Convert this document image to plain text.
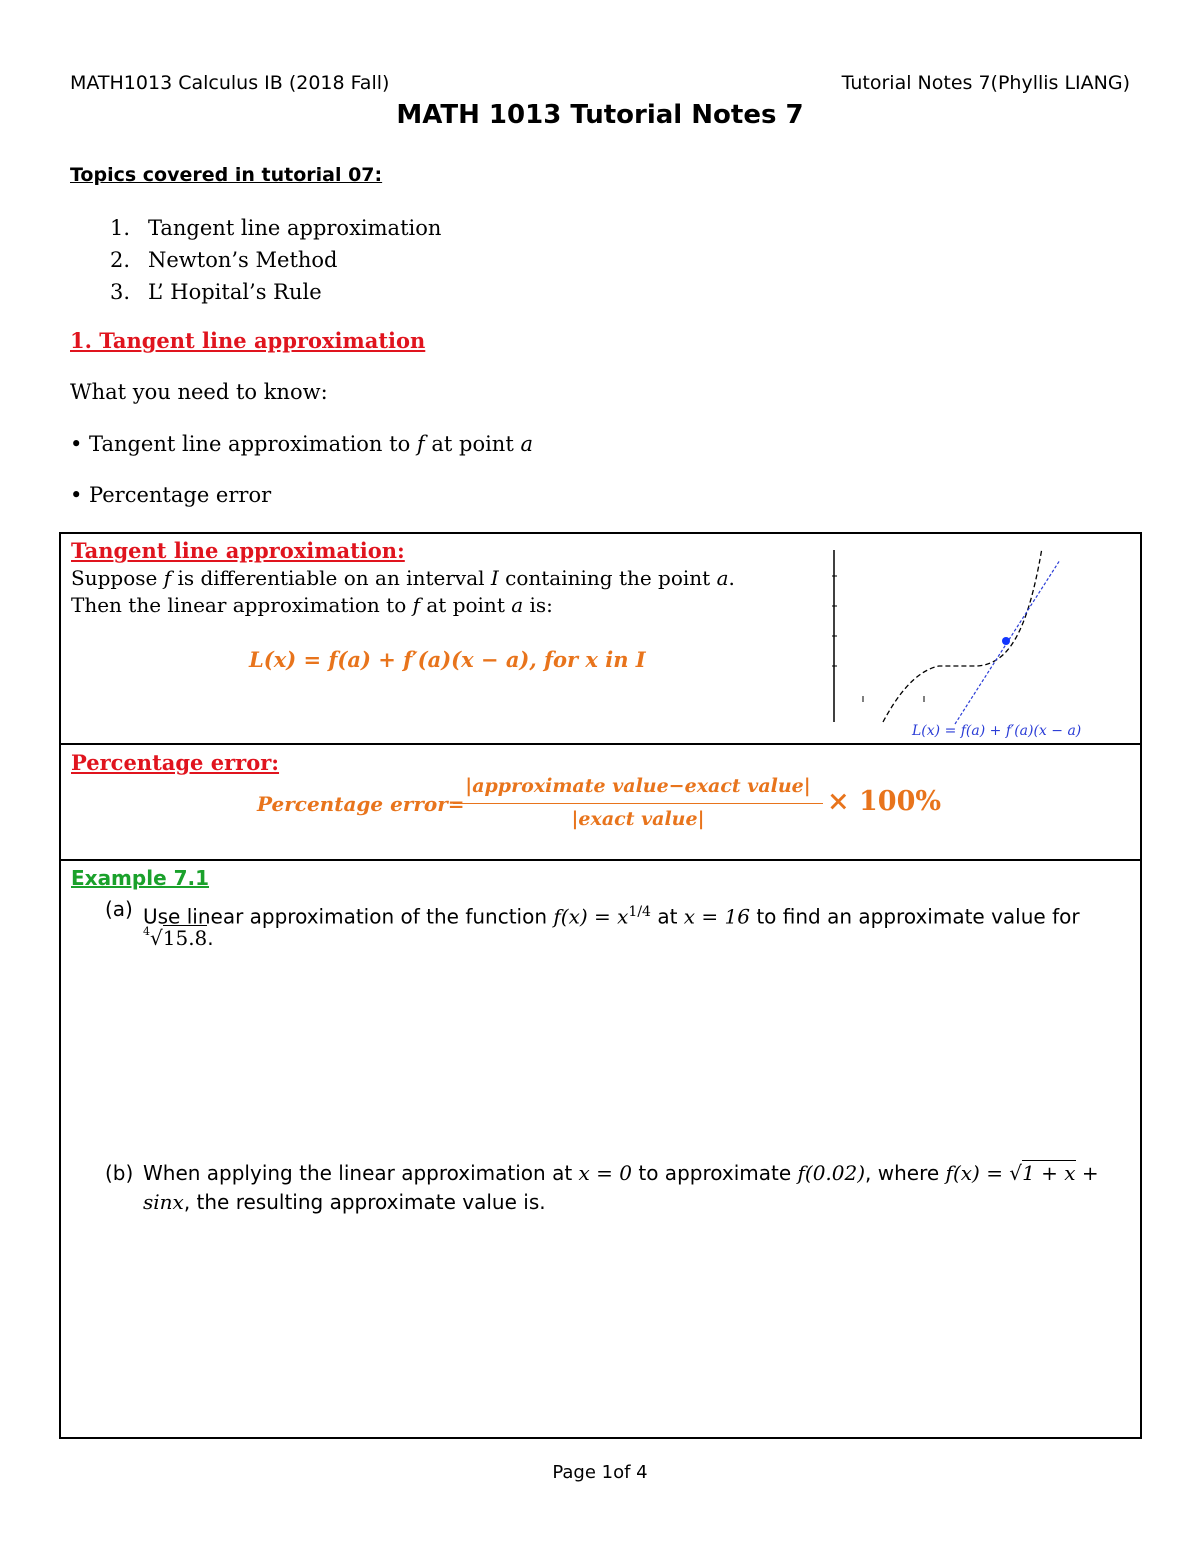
MATH1013 Calculus IB (2018 Fall)	Tutorial Notes 7(Phyllis LIANG)
MATH 1013 Tutorial Notes 7
Topics covered in tutorial 07:
1. Tangent line approximation
2. Newton’s Method
3. L’ Hopital’s Rule
1. Tangent line approximation
What you need to know:
• Tangent line approximation to f at point a
• Percentage error
Tangent line approximation:
Suppose f is differentiable on an interval I containing the point a.
Then the linear approximation to f at point a is:
L(x) = f(a) + f′(a)(x − a), for x in I
L(x) = f(a) + f′(a)(x − a)
Percentage error:
Percentage error=
|approximate value−exact value|
|exact value|
× 100%
Example 7.1
(a) Use linear approximation of the function $f(x) = x^{1/4}$ at x = 16 to find an approximate value for
$^4$√15.8.
(b) When applying the linear approximation at x = 0 to approximate f(0.02), where f(x) = √1 + x +
sinx, the resulting approximate value is.
Page 1of 4
